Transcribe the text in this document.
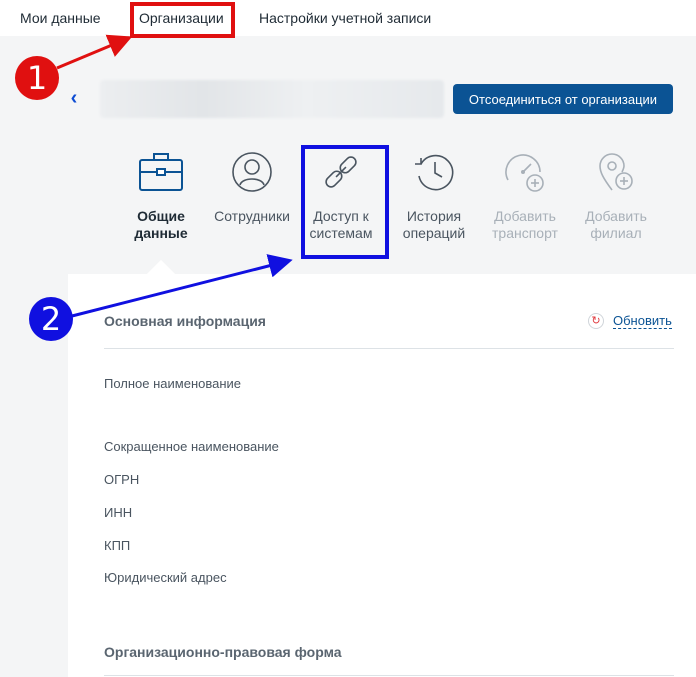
Мои данные	Организации	Настройки учетной записи
‹	Отсоединиться от организации
Общие
данные
Сотрудники	Доступ к
системам
История
операций
Добавить
транспорт
Добавить
филиал
Основная информация	↻ Обновить
Полное наименование
Сокращенное наименование
ОГРН
ИНН
КПП
Юридический адрес
Организационно-правовая форма
1
2
